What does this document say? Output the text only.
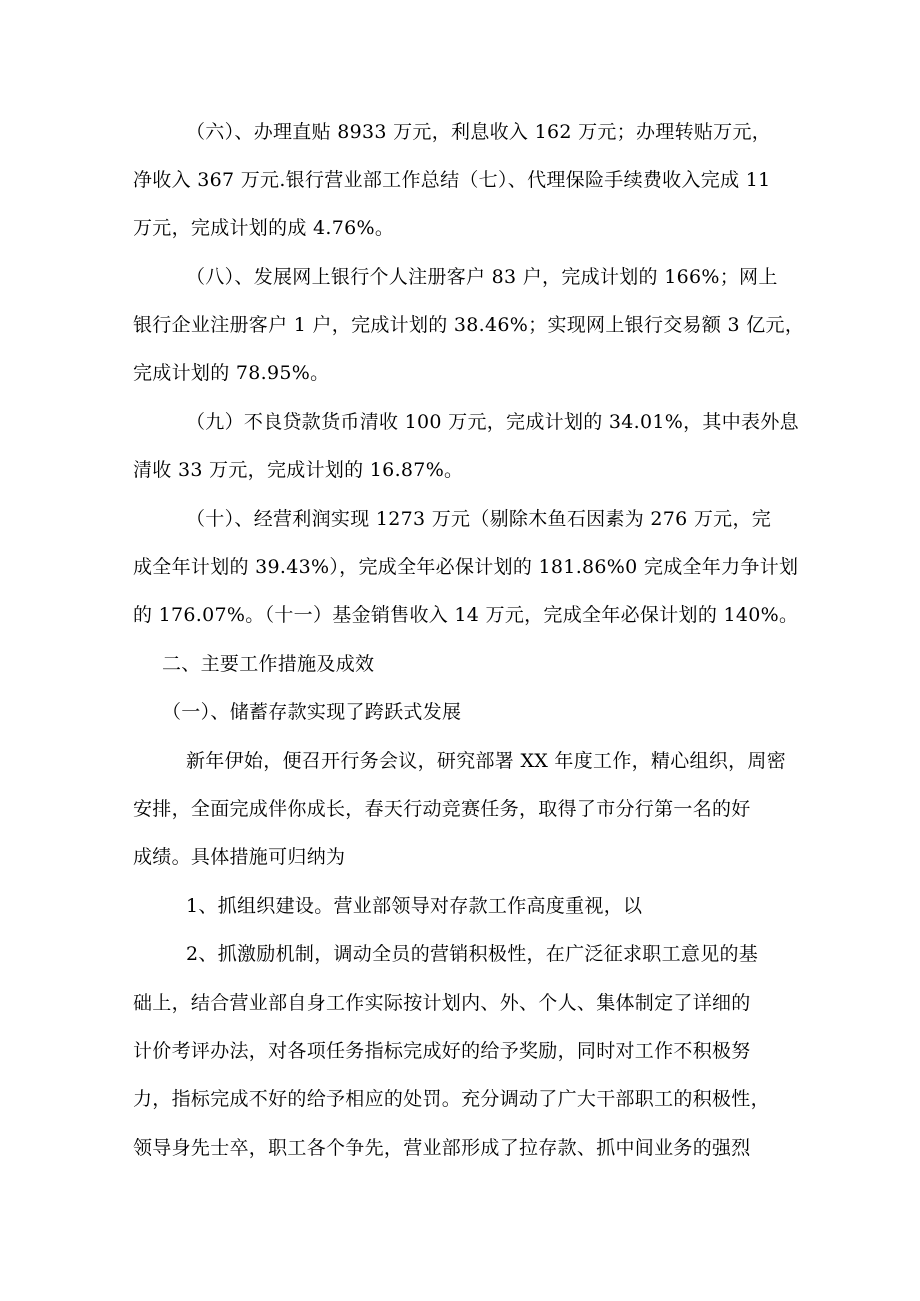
（六）、办理直贴 8933 万元，利息收入 162 万元；办理转贴万元，
净收入 367 万元.银行营业部工作总结（七）、代理保险手续费收入完成 11
万元，完成计划的成 4.76%。
（八）、发展网上银行个人注册客户 83 户，完成计划的 166%；网上
银行企业注册客户 1 户，完成计划的 38.46%；实现网上银行交易额 3 亿元，
完成计划的 78.95%。
（九）不良贷款货币清收 100 万元，完成计划的 34.01%，其中表外息
清收 33 万元，完成计划的 16.87%。
（十）、经营利润实现 1273 万元（剔除木鱼石因素为 276 万元，完
成全年计划的 39.43%），完成全年必保计划的 181.86%0 完成全年力争计划
的 176.07%。（十一）基金销售收入 14 万元，完成全年必保计划的 140%。
二、主要工作措施及成效
（一）、储蓄存款实现了跨跃式发展
新年伊始，便召开行务会议，研究部署 XX 年度工作，精心组织，周密
安排，全面完成伴你成长，春天行动竞赛任务，取得了市分行第一名的好
成绩。具体措施可归纳为
1、抓组织建设。营业部领导对存款工作高度重视，以
2、抓激励机制，调动全员的营销积极性，在广泛征求职工意见的基
础上，结合营业部自身工作实际按计划内、外、个人、集体制定了详细的
计价考评办法，对各项任务指标完成好的给予奖励，同时对工作不积极努
力，指标完成不好的给予相应的处罚。充分调动了广大干部职工的积极性，
领导身先士卒，职工各个争先，营业部形成了拉存款、抓中间业务的强烈
